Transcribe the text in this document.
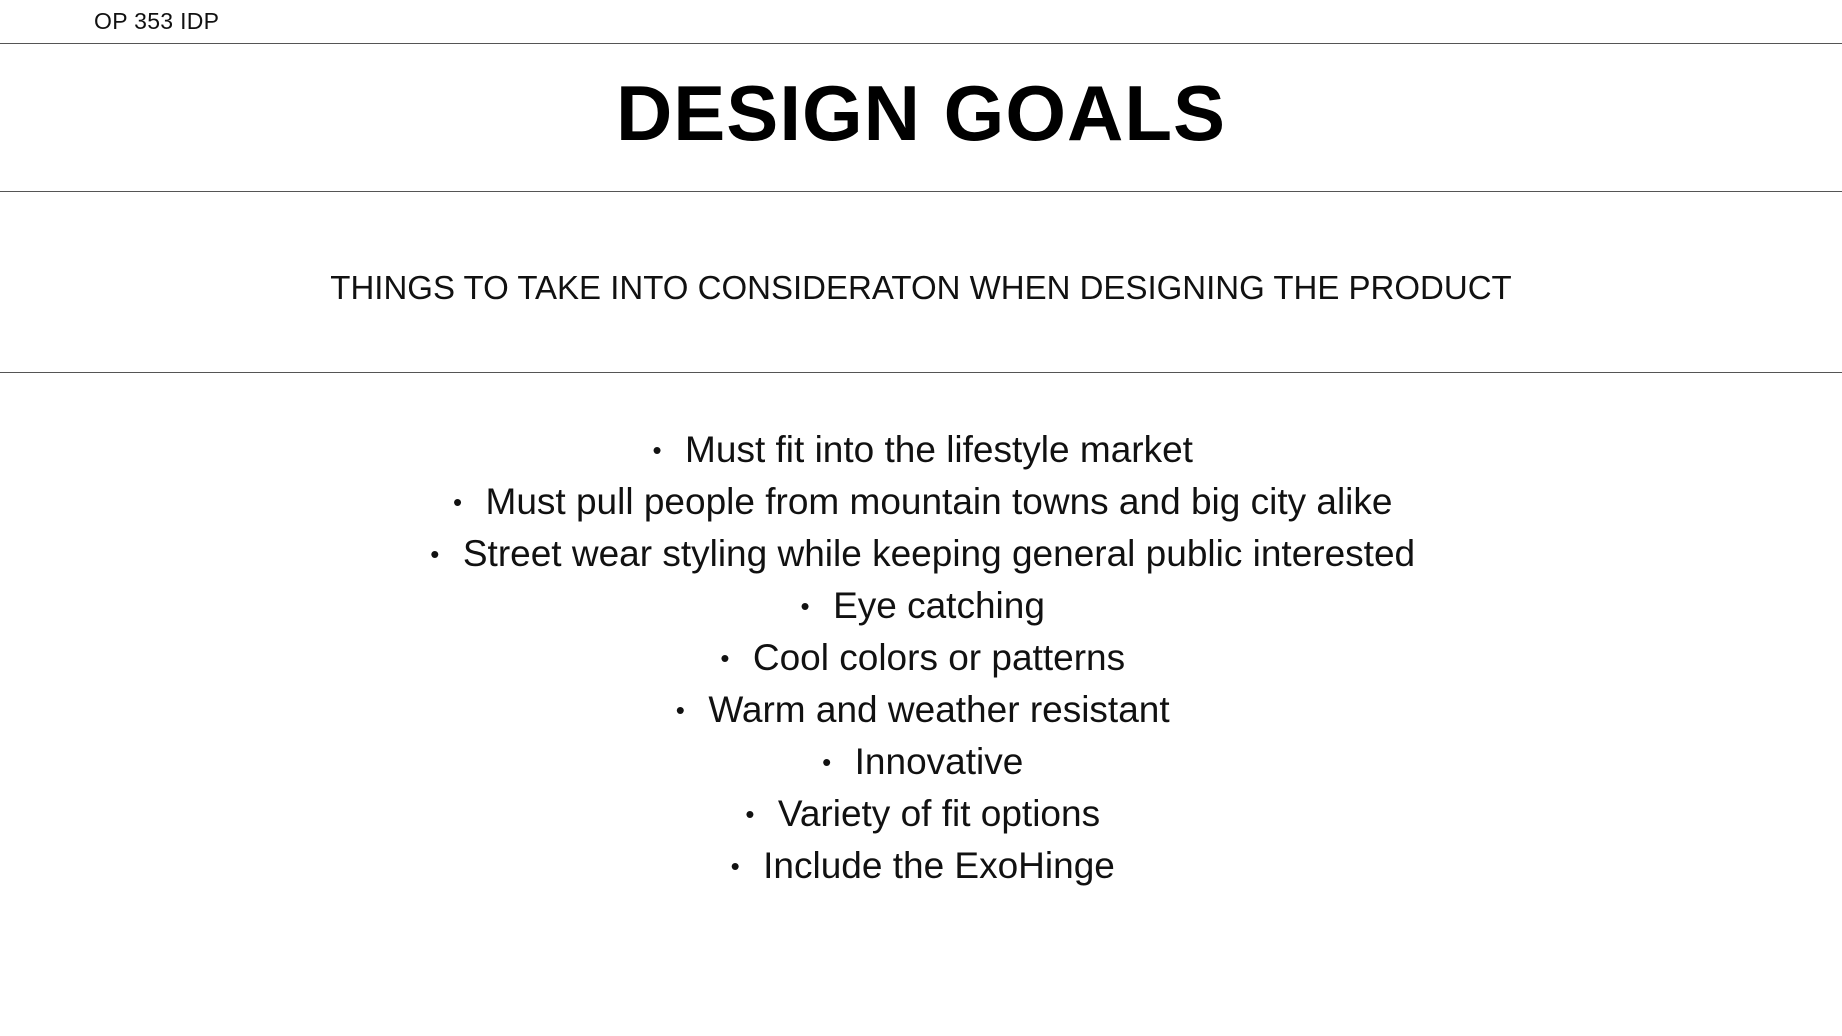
OP 353 IDP
DESIGN GOALS
THINGS TO TAKE INTO CONSIDERATON WHEN DESIGNING THE PRODUCT
• Must fit into the lifestyle market
• Must pull people from mountain towns and big city alike
• Street wear styling while keeping general public interested
• Eye catching
• Cool colors or patterns
• Warm and weather resistant
• Innovative
• Variety of fit options
• Include the ExoHinge
